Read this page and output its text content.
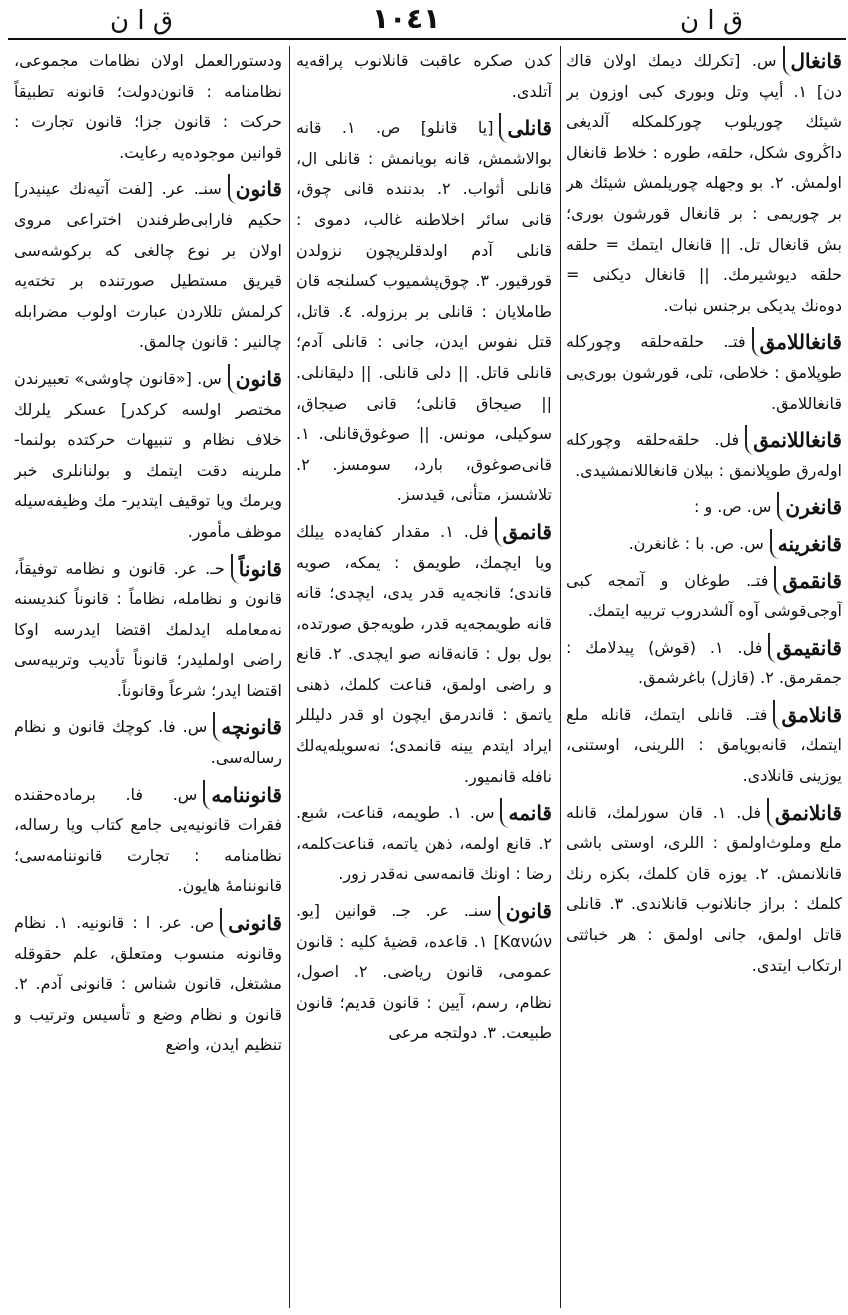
ق ا ن	١٠٤١	ق ا ن
قانغال
س. [تكرلك ديمك اولان قاك دن] ١. أيپ وتل وبورى كبى اوزون بر شيئك چوريلوب چوركلمكله آلديغى داڭروى شكل، حلقه، طوره : خلاط قانغال اولمش. ٢. بو وجهله چوريلمش شيئك هر بر چوريمى : بر قانغال قورشون بورى؛ بش قانغال تل. || قانغال ايتمك = حلقه حلقه ديوشيرمك. || قانغال ديكنى = دوه‌نك يديكى برجنس نبات.
قانغاللامق
فتـ. حلقه‌حلقه وچوركله طوپلامق : خلاطى، تلى، قورشون بورى‌يى قانغاللامق.
قانغاللانمق
فل. حلقه‌حلقه وچوركله اوله‌رق طوپلانمق : بيلان قانغاللانمشيدى.
قانغرن
س. ص. و :
قانغرينه
س. ص. با : غانغرن.
قانقمق
فتـ. طوغان و آتمجه كبى آوجى‌قوشى آوه آلشدروب تربيه ايتمك.
قانقيمق
فل. ١. (قوش) پيدلامك : جمقرمق. ٢. (قازل) باغرشمق.
قانلامق
فتـ. قانلى ايتمك، قانله ملع ايتمك، قانه‌بويامق : اللرينى، اوستنى، يوزينى قانلادى.
قانلانمق
فل. ١. قان سورلمك، قانله ملع وملوث‌اولمق : اللرى، اوستى باشى قانلانمش. ٢. يوزه قان كلمك، بكزه رنك كلمك : براز جانلانوب قانلاندى. ٣. قانلى قاتل اولمق، جانى اولمق : هر خباثتى ارتكاب ايتدى.
كدن صكره عاقبت قانلانوب پراقه‌يه آتلدى.
قانلى
[يا قانلو] ص. ١. قانه بوالاشمش، قانه بويانمش : قانلى ال، قانلى أثواب. ٢. بدننده قانى چوق، قانى سائر اخلاطنه غالب، دموى : قانلى آدم اولدقلريچون نزولدن قورقيور. ٣. چوق‌پشميوب كسلنجه قان طاملايان : قانلى بر برزوله. ٤. قاتل، قتل نفوس ايدن، جانى : قانلى آدم؛ قانلى قاتل. || دلى قانلى. || دليقانلى. || صيجاق قانلى؛ قانى صيجاق، سوكيلى، مونس. || صوغوق‌قانلى. ١. قانى‌صوغوق، بارد، سومسز. ٢. تلاشسز، متأنى، قيدسز.
قانمق
فل. ١. مقدار كفايه‌ده ييلك ويا ايچمك، طويمق : يمكه، صويه قاندى؛ قانجه‌يه قدر يدى، ايچدى؛ قانه قانه طويمجه‌يه قدر، طويه‌جق صورتده، بول بول : قانه‌قانه صو ايچدى. ٢. قانع و راضى اولمق، قناعت كلمك، ذهنى ياتمق : قاندرمق ايچون او قدر دليللر ايراد ايتدم يينه قانمدى؛ نه‌سويله‌يه‌لك نافله قانميور.
قانمه
س. ١. طويمه، قناعت، شبع. ٢. قانع اولمه، ذهن ياتمه، قناعت‌كلمه، رضا : اونك قانمه‌سى نه‌قدر زور.
قانون
سنـ. عر. جـ. قوانين [يو. Κανών] ١. قاعده، قضيهٔ كليه : قانون عمومى، قانون رياضى. ٢. اصول، نظام، رسم، آيين : قانون قديم؛ قانون طبيعت. ٣. دولتجه مرعى
ودستورالعمل اولان نظامات مجموعى، نظامنامه : قانون‌دولت؛ قانونه تطبيقاً حركت : قانون جزا؛ قانون تجارت : قوانين موجوده‌يه رعايت.
قانون
سنـ. عر. [لفت آتيه‌نك عينيدر] حكيم فارابى‌طرفندن اختراعى مروى اولان بر نوع چالغى كه بركوشه‌سى قيريق مستطيل صورتنده بر تخته‌يه كرلمش تللاردن عبارت اولوب مضرابله چالنير : قانون چالمق.
قانون
س. [«قانون چاوشى» تعبيرندن مختصر اولسه كركدر] عسكر يلرلك خلاف نظام و تنبيهات حركتده بولنما- ملرينه دقت ايتمك و بولنانلرى خبر ويرمك ويا توقيف ايتدير- مك وظيفه‌سيله موظف مأمور.
قانوناً
حـ. عر. قانون و نظامه توفيقاً، قانون و نظامله، نظاماً : قانوناً كنديسنه نه‌معامله ايدلمك اقتضا ايدرسه اوكا راضى اولمليدر؛ قانوناً تأديب وتربيه‌سى اقتضا ايدر؛ شرعاً وقانوناً.
قانونچه
س. فا. كوچك قانون و نظام رساله‌سى.
قانوننامه
س. فا. برماده‌حقنده فقرات قانونيه‌يى جامع كتاب ويا رساله، نظامنامه : تجارت قانوننامه‌سى؛ قانوننامهٔ هايون.
قانونى
ص. عر. ا : قانونيه. ١. نظام وقانونه منسوب ومتعلق، علم حقوقله مشتغل، قانون شناس : قانونى آدم. ٢. قانون و نظام وضع و تأسيس وترتيب و تنظيم ايدن، واضع
